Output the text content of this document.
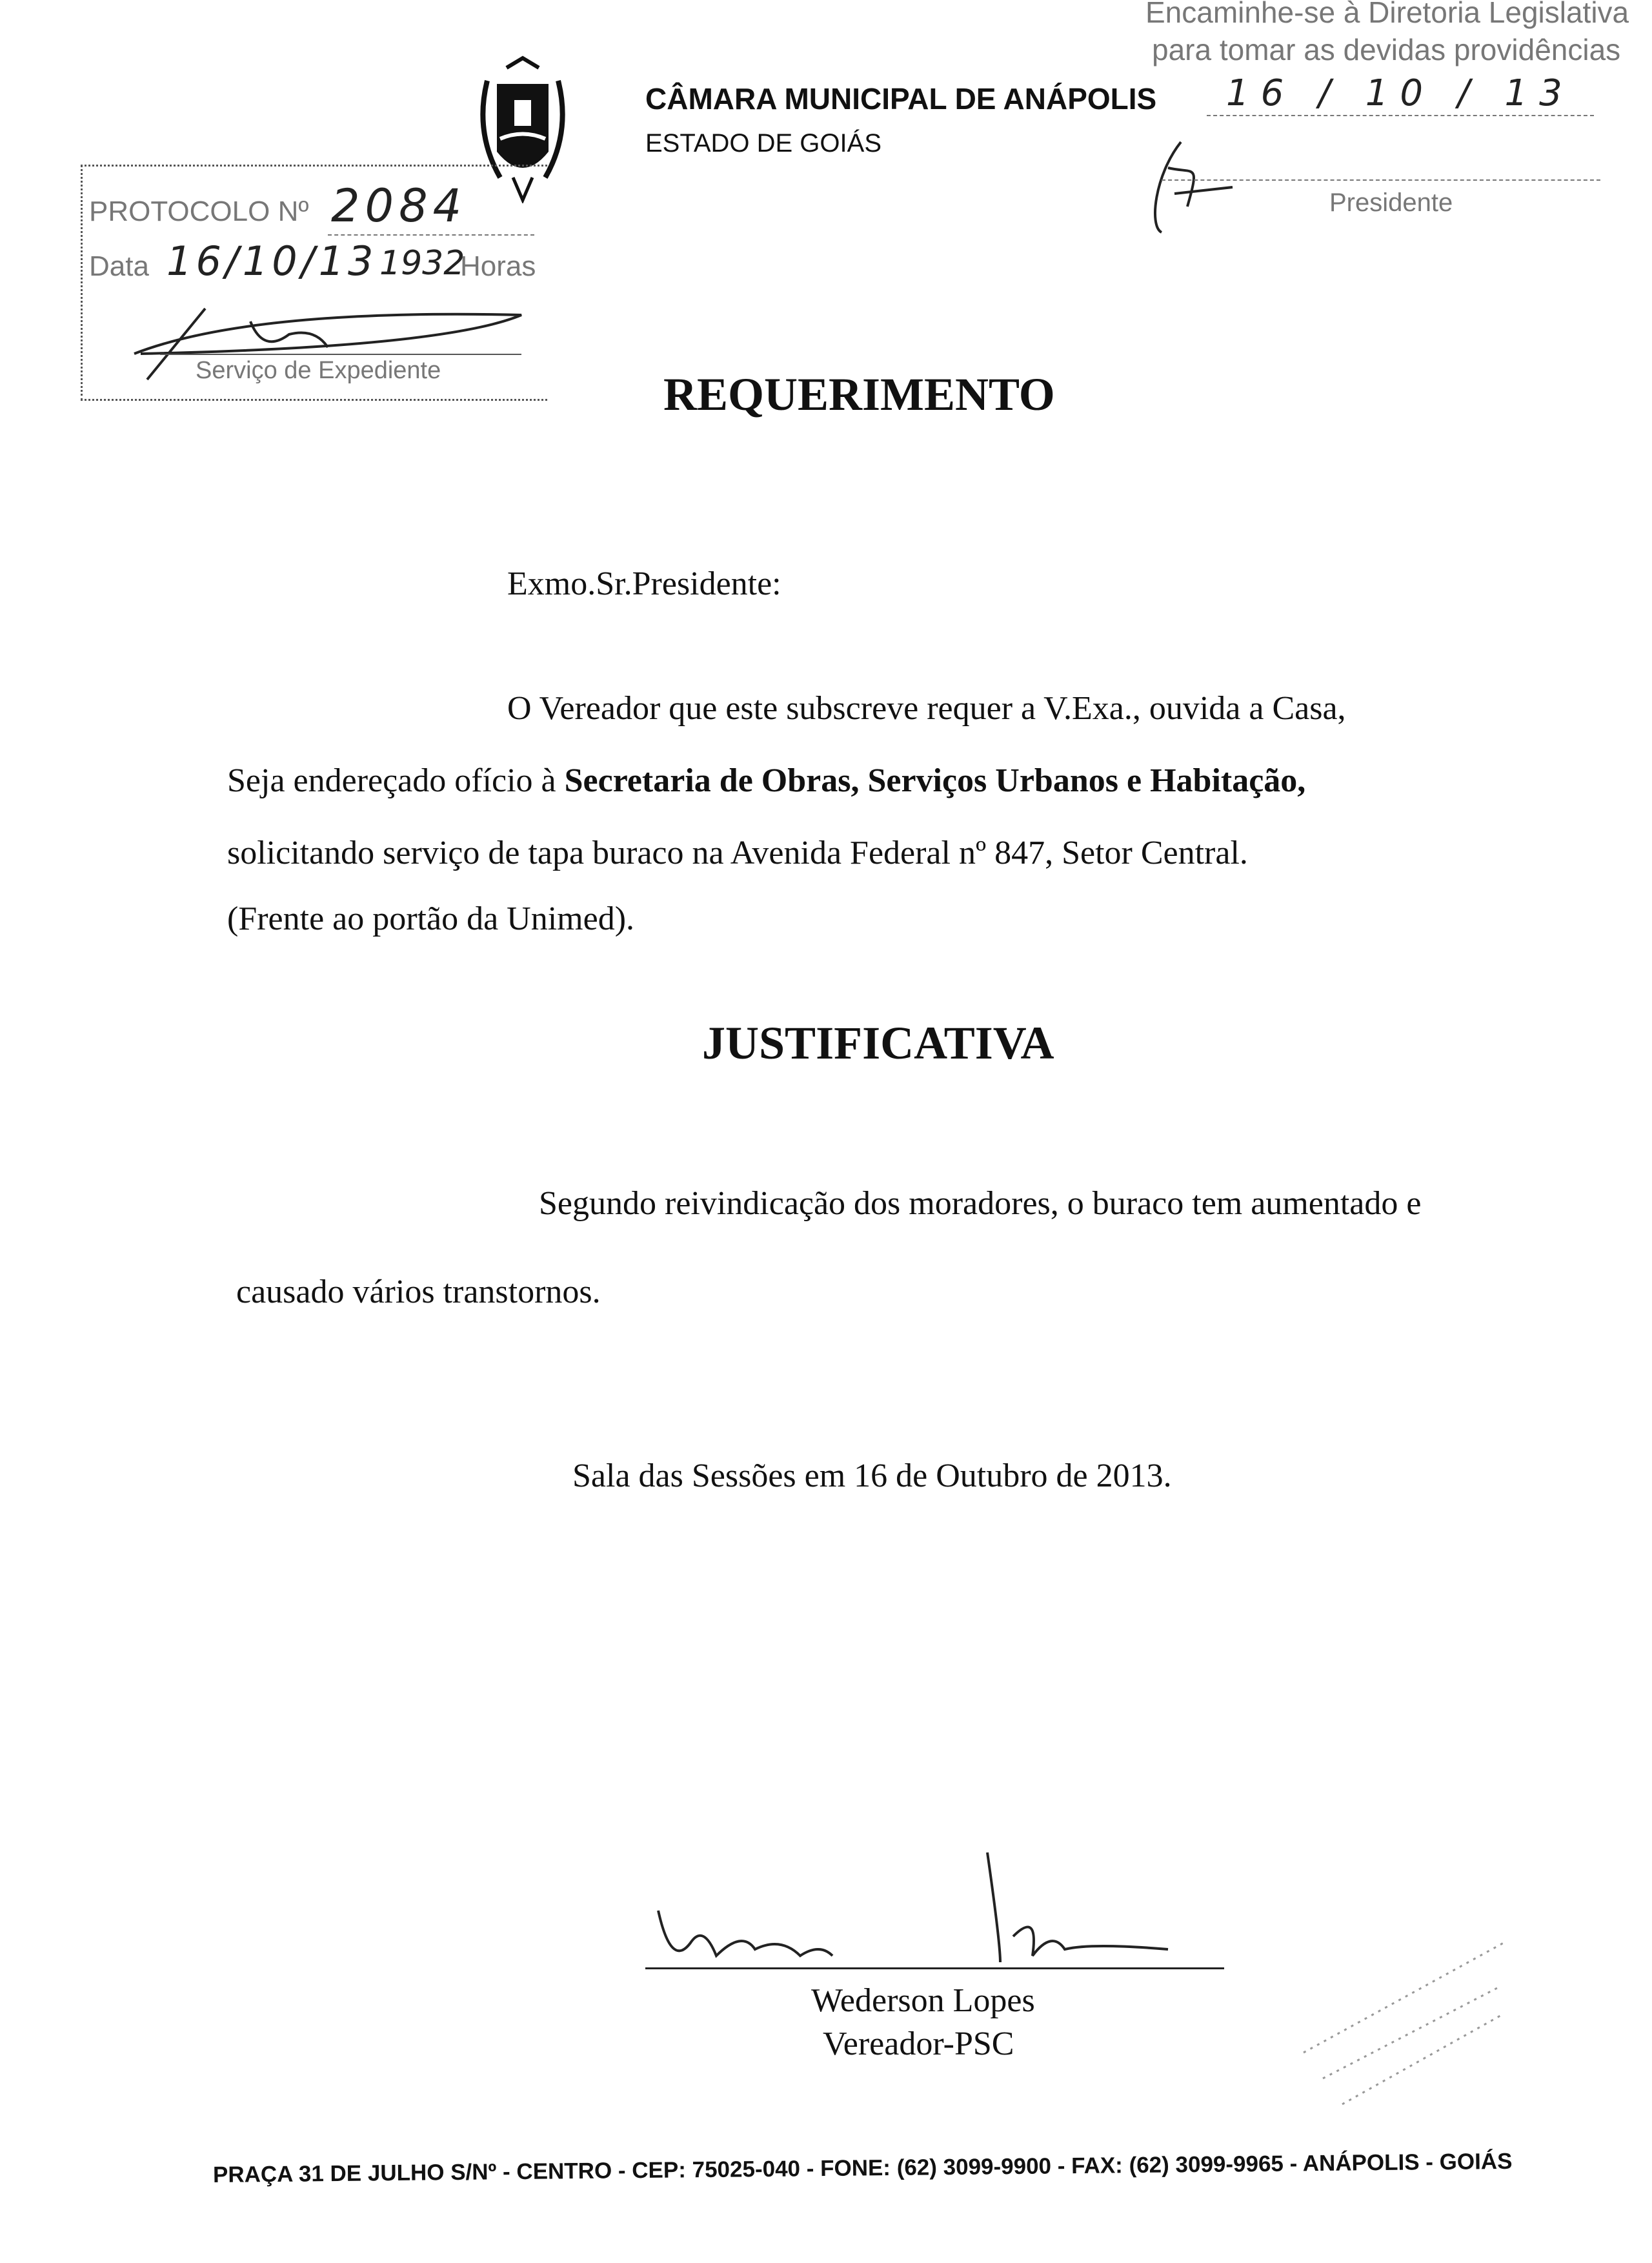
Encaminhe-se à Diretoria Legislativa
para tomar as devidas providências
16 / 10 / 13
Presidente
CÂMARA MUNICIPAL DE ANÁPOLIS
ESTADO DE GOIÁS
PROTOCOLO Nº 2084
Data 16/10/13 1932
Horas
Serviço de Expediente	REQUERIMENTO
Exmo.Sr.Presidente:
O Vereador que este subscreve requer a V.Exa., ouvida a Casa,
Seja endereçado ofício à Secretaria de Obras, Serviços Urbanos e Habitação,
solicitando serviço de tapa buraco na Avenida Federal nº 847, Setor Central.
(Frente ao portão da Unimed).
JUSTIFICATIVA
Segundo reivindicação dos moradores, o buraco tem aumentado e
causado vários transtornos.
Sala das Sessões em 16 de Outubro de 2013.
Wederson Lopes
Vereador-PSC
PRAÇA 31 DE JULHO S/Nº - CENTRO - CEP: 75025-040 - FONE: (62) 3099-9900 - FAX: (62) 3099-9965 - ANÁPOLIS - GOIÁS
